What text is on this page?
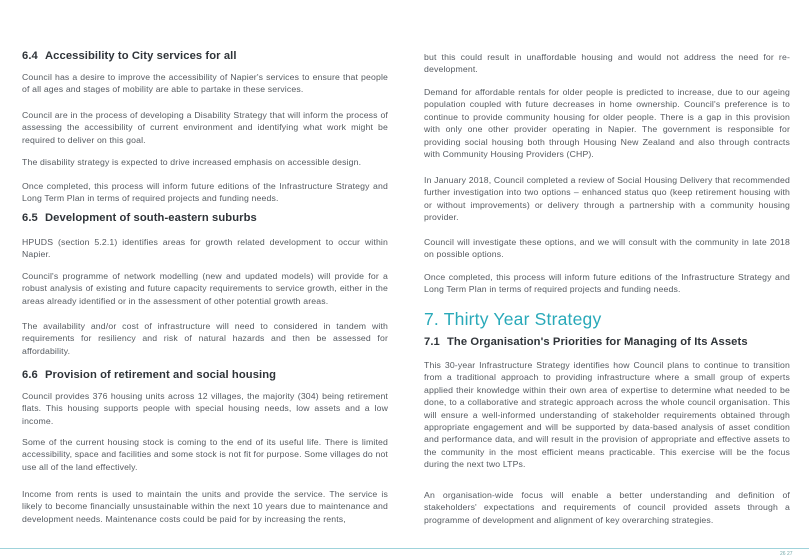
6.4 Accessibility to City services for all

Council has a desire to improve the accessibility of Napier's services to ensure that people of all ages and stages of mobility are able to partake in these services.

Council are in the process of developing a Disability Strategy that will inform the process of assessing the accessibility of current environment and identifying what work might be required to deliver on this goal.

The disability strategy is expected to drive increased emphasis on accessible design.

Once completed, this process will inform future editions of the Infrastructure Strategy and Long Term Plan in terms of required projects and funding needs.

6.5 Development of south-eastern suburbs

HPUDS (section 5.2.1) identifies areas for growth related development to occur within Napier.

Council's programme of network modelling (new and updated models) will provide for a robust analysis of existing and future capacity requirements to service growth, either in the areas already identified or in the assessment of other potential growth areas.

The availability and/or cost of infrastructure will need to considered in tandem with requirements for resiliency and risk of natural hazards and then be assessed for affordability.

6.6 Provision of retirement and social housing

Council provides 376 housing units across 12 villages, the majority (304) being retirement flats. This housing supports people with special housing needs, low assets and a low income.

Some of the current housing stock is coming to the end of its useful life. There is limited accessibility, space and facilities and some stock is not fit for purpose. Some villages do not use all of the land effectively.

Income from rents is used to maintain the units and provide the service. The service is likely to become financially unsustainable within the next 10 years due to maintenance and development needs. Maintenance costs could be paid for by increasing the rents,

but this could result in unaffordable housing and would not address the need for re-development.

Demand for affordable rentals for older people is predicted to increase, due to our ageing population coupled with future decreases in home ownership. Council's preference is to continue to provide community housing for older people. There is a gap in this provision with only one other provider operating in Napier. The government is responsible for providing social housing both through Housing New Zealand and also through contracts with Community Housing Providers (CHP).

In January 2018, Council completed a review of Social Housing Delivery that recommended further investigation into two options – enhanced status quo (keep retirement housing with or without improvements) or delivery through a partnership with a community housing provider.

Council will investigate these options, and we will consult with the community in late 2018 on possible options.

Once completed, this process will inform future editions of the Infrastructure Strategy and Long Term Plan in terms of required projects and funding needs.

7. Thirty Year Strategy
7.1 The Organisation's Priorities for Managing of Its Assets

This 30-year Infrastructure Strategy identifies how Council plans to continue to transition from a traditional approach to providing infrastructure where a small group of experts applied their knowledge within their own area of expertise to determine what needed to be done, to a collaborative and strategic approach across the whole council organisation. This will ensure a well-informed understanding of stakeholder requirements obtained through appropriate engagement and will be supported by data-based analysis of asset condition and performance data, and will result in the provision of appropriate and effective assets to the community in the most efficient means practicable. This exercise will be the focus during the next two LTPs.

An organisation-wide focus will enable a better understanding and definition of stakeholders' expectations and requirements of council provided assets through a programme of development and alignment of key overarching strategies.

26 27
